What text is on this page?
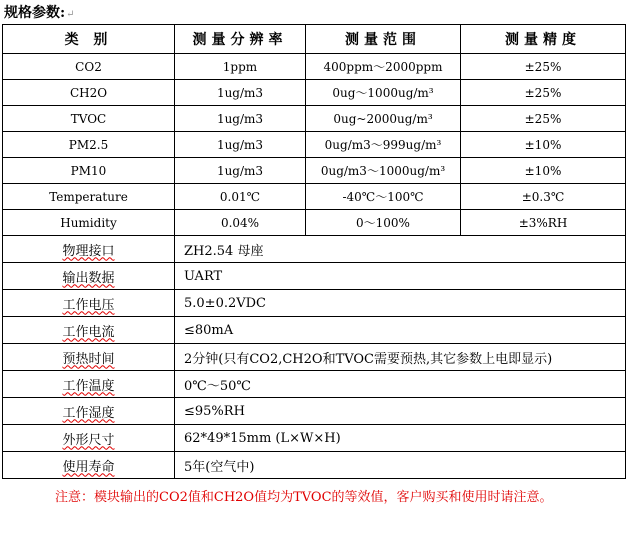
规格参数:↵
类 别	测量分辨率	测量范围	测量精度
CO2	1ppm	400ppm～2000ppm	±25%
CH2O	1ug/m3	0ug～1000ug/m³	±25%
TVOC	1ug/m3	0ug~2000ug/m³	±25%
PM2.5	1ug/m3	0ug/m3～999ug/m³	±10%
PM10	1ug/m3	0ug/m3～1000ug/m³	±10%
Temperature	0.01℃	-40℃～100℃	±0.3℃
Humidity	0.04%	0～100%	±3%RH
物理接口	ZH2.54 母座		
输出数据	UART		
工作电压	5.0±0.2VDC		
工作电流	≤80mA		
预热时间	2分钟(只有CO2,CH2O和TVOC需要预热,其它参数上电即显示)		
工作温度	0℃～50℃		
工作湿度	≤95%RH		
外形尺寸	62*49*15mm (L×W×H)		
使用寿命	5年(空气中)		
注意：模块输出的CO2值和CH2O值均为TVOC的等效值，客户购买和使用时请注意。
